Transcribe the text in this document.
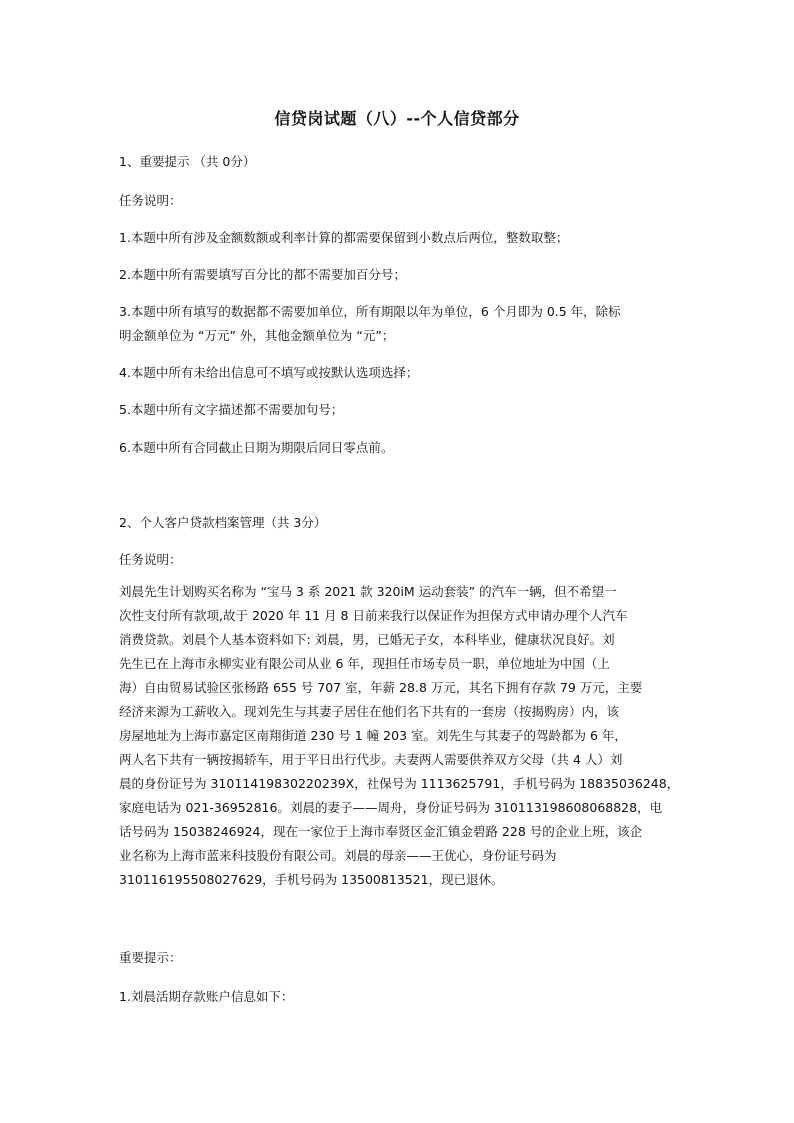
信贷岗试题（八）--个人信贷部分

1、重要提示 （共 0分）

任务说明：

1.本题中所有涉及金额数额或利率计算的都需要保留到小数点后两位，整数取整；

2.本题中所有需要填写百分比的都不需要加百分号；

3.本题中所有填写的数据都不需要加单位，所有期限以年为单位，6 个月即为 0.5 年，除标

明金额单位为 “万元” 外，其他金额单位为 “元”；

4.本题中所有未给出信息可不填写或按默认选项选择；

5.本题中所有文字描述都不需要加句号；

6.本题中所有合同截止日期为期限后同日零点前。

2、个人客户贷款档案管理（共 3分）

任务说明：

刘晨先生计划购买名称为 “宝马 3 系 2021 款 320iM 运动套装” 的汽车一辆，但不希望一
次性支付所有款项,故于 2020 年 11 月 8 日前来我行以保证作为担保方式申请办理个人汽车
消费贷款。刘晨个人基本资料如下: 刘晨，男，已婚无子女，本科毕业，健康状况良好。刘
先生已在上海市永柳实业有限公司从业 6 年，现担任市场专员一职，单位地址为中国（上
海）自由贸易试验区张杨路 655 号 707 室，年薪 28.8 万元，其名下拥有存款 79 万元，主要
经济来源为工薪收入。现刘先生与其妻子居住在他们名下共有的一套房（按揭购房）内，该
房屋地址为上海市嘉定区南翔街道 230 号 1 幢 203 室。刘先生与其妻子的驾龄都为 6 年，
两人名下共有一辆按揭轿车，用于平日出行代步。夫妻两人需要供养双方父母（共 4 人）刘
晨的身份证号为 31011419830220239X，社保号为 1113625791，手机号码为 18835036248，
家庭电话为 021-36952816。刘晨的妻子——周舟，身份证号码为 310113198608068828，电
话号码为 15038246924，现在一家位于上海市奉贤区金汇镇金碧路 228 号的企业上班，该企
业名称为上海市蓝来科技股份有限公司。刘晨的母亲——王优心，身份证号码为
310116195508027629，手机号码为 13500813521，现已退休。

重要提示：

1.刘晨活期存款账户信息如下：
